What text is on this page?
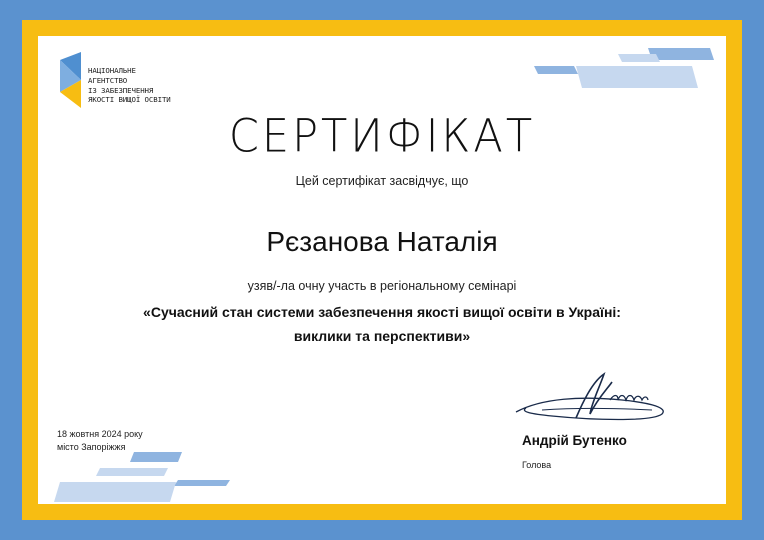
НАЦІОНАЛЬНЕ
АГЕНТСТВО
ІЗ ЗАБЕЗПЕЧЕННЯ
ЯКОСТІ ВИЩОЇ ОСВІТИ
СЕРТИФІКАТ
Цей сертифікат засвідчує, що
Рєзанова Наталія
узяв/-ла очну участь в регіональному семінарі
«Сучасний стан системи забезпечення якості вищої освіти в Україні:
виклики та перспективи»
18 жовтня 2024 року
місто Запоріжжя	Андрій Бутенко
Голова
